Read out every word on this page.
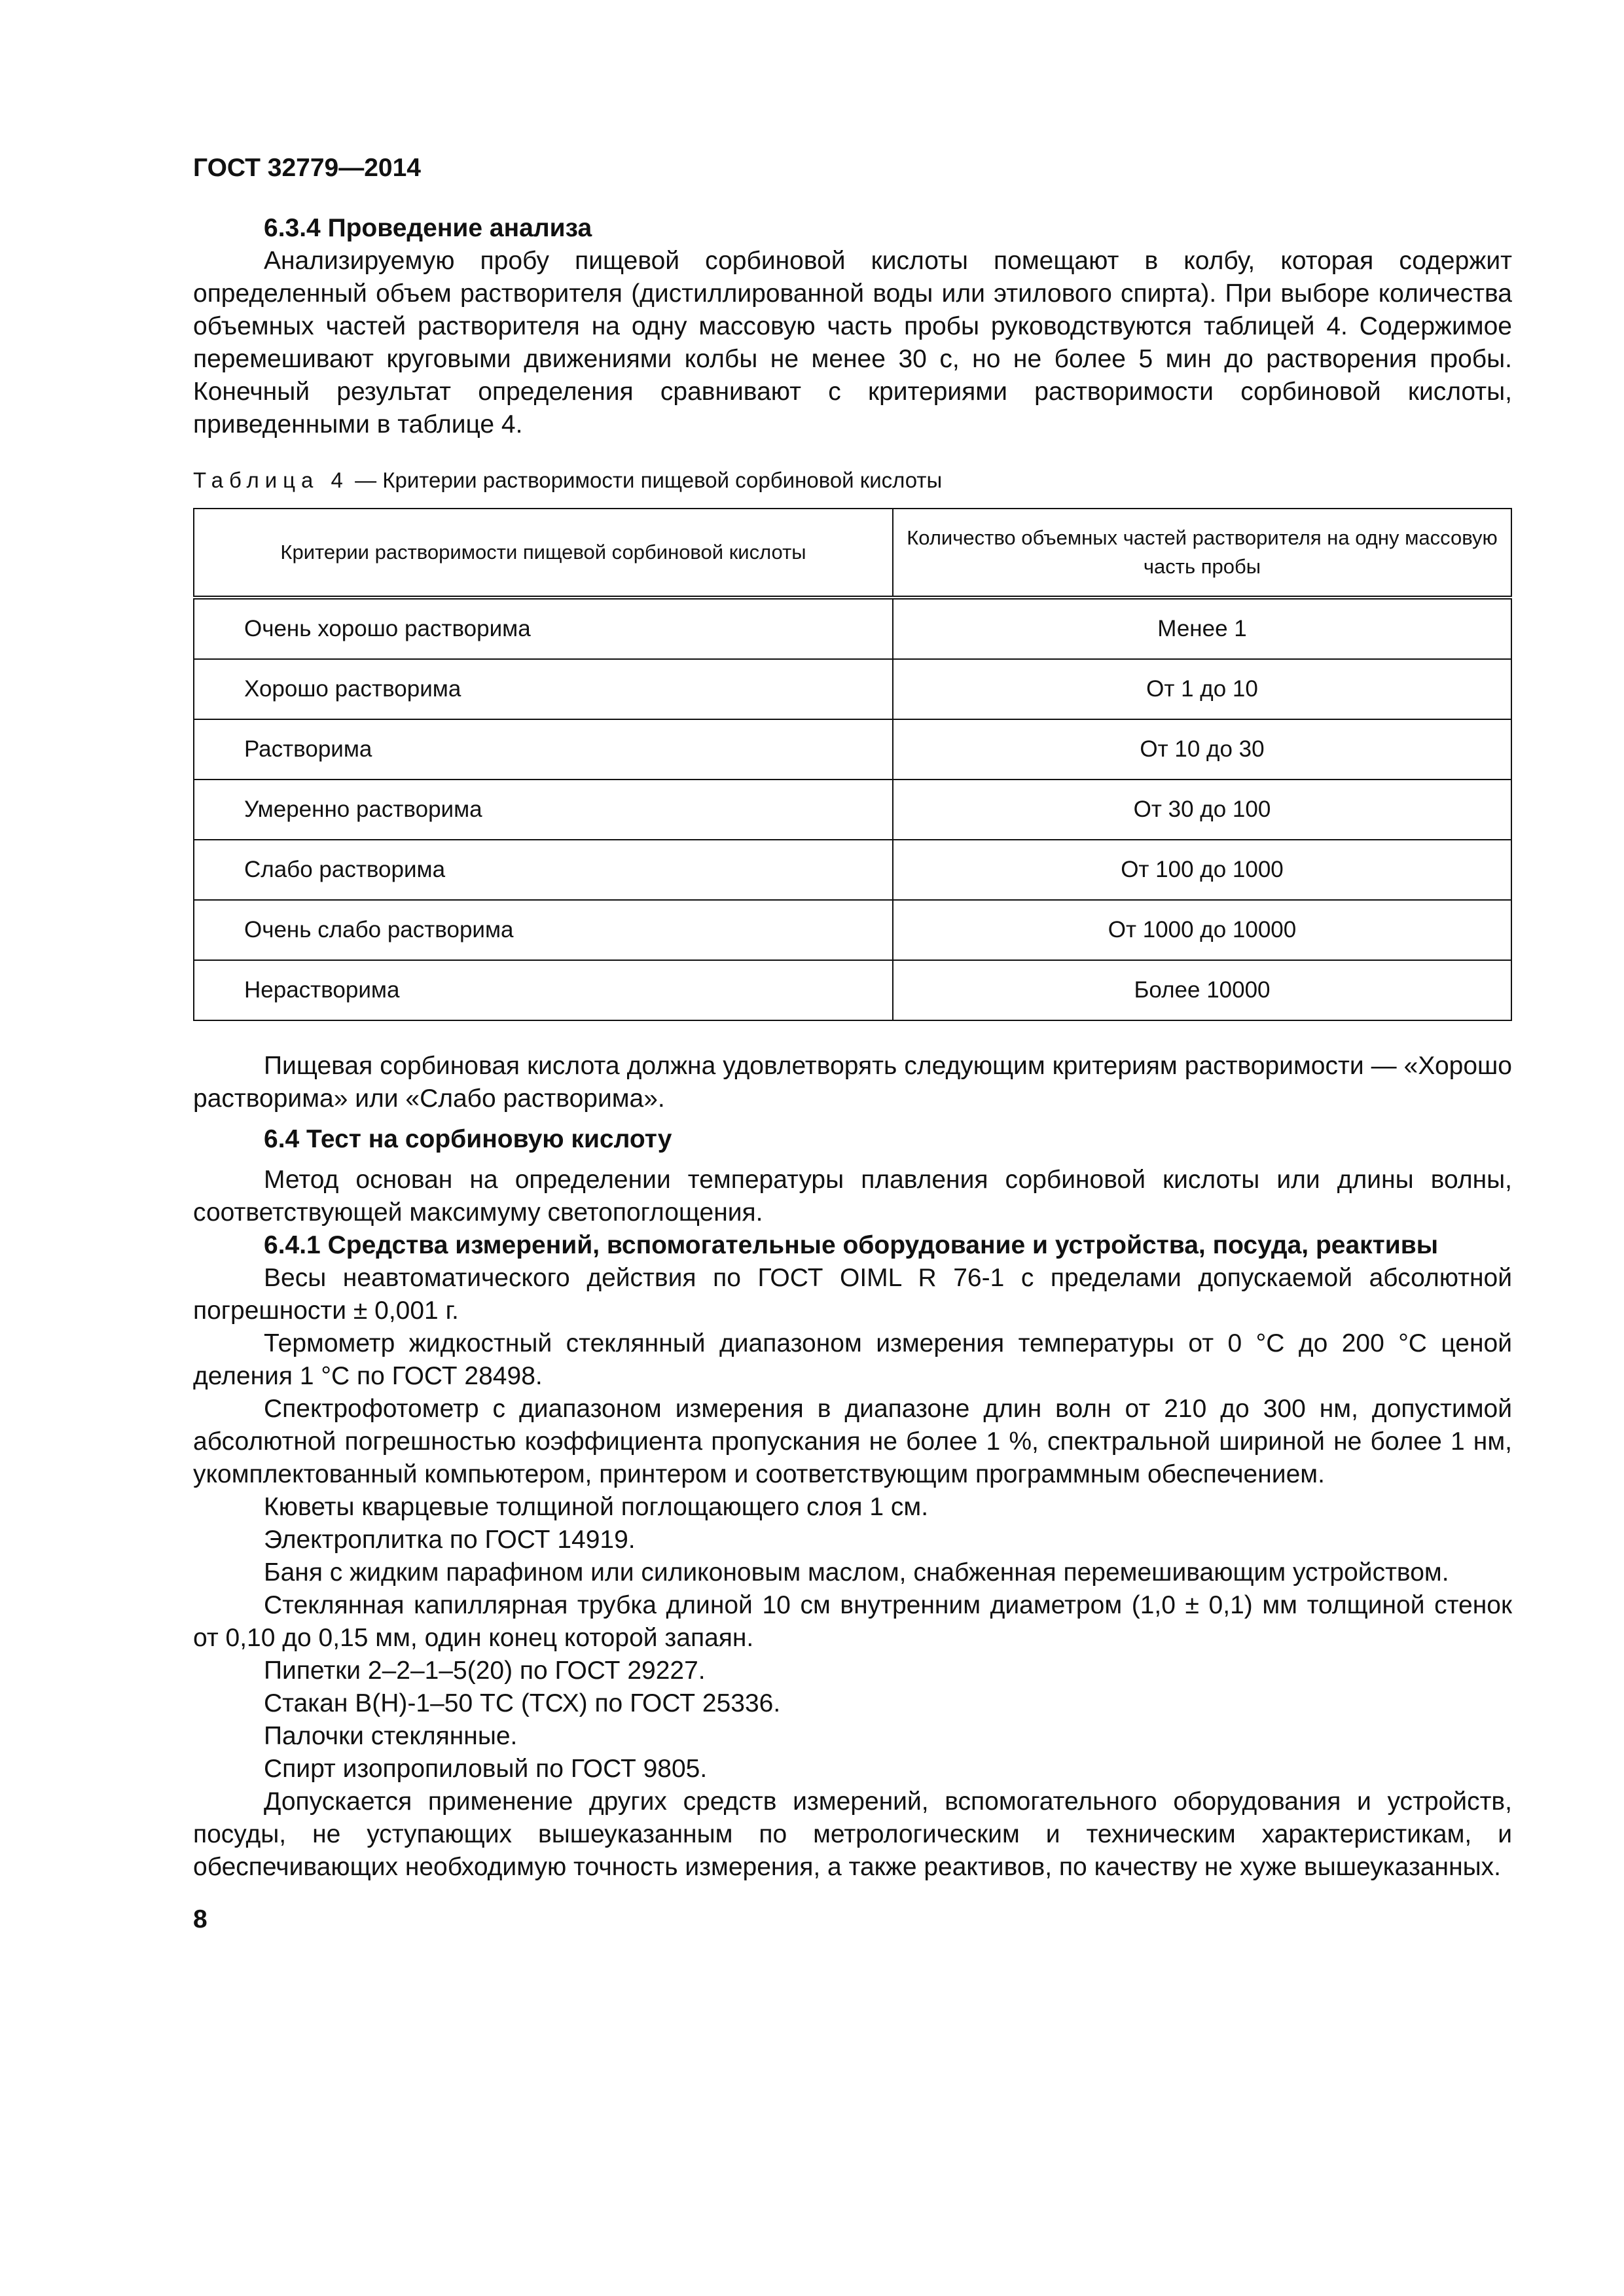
ГОСТ 32779—2014

6.3.4 Проведение анализа

Анализируемую пробу пищевой сорбиновой кислоты помещают в колбу, которая содержит определенный объем растворителя (дистиллированной воды или этилового спирта). При выборе количества объемных частей растворителя на одну массовую часть пробы руководствуются таблицей 4. Содержимое перемешивают круговыми движениями колбы не менее 30 с, но не более 5 мин до растворения пробы. Конечный результат определения сравнивают с критериями растворимости сорбиновой кислоты, приведенными в таблице 4.

Таблица 4 — Критерии растворимости пищевой сорбиновой кислоты
Критерии растворимости пищевой сорбиновой кислоты	Количество объемных частей растворителя на одну массовую часть пробы
Очень хорошо растворима	Менее 1
Хорошо растворима	От 1 до 10
Растворима	От 10 до 30
Умеренно растворима	От 30 до 100
Слабо растворима	От 100 до 1000
Очень слабо растворима	От 1000 до 10000
Нерастворима	Более 10000

Пищевая сорбиновая кислота должна удовлетворять следующим критериям растворимости — «Хорошо растворима» или «Слабо растворима».

6.4 Тест на сорбиновую кислоту

Метод основан на определении температуры плавления сорбиновой кислоты или длины волны, соответствующей максимуму светопоглощения.

6.4.1 Средства измерений, вспомогательные оборудование и устройства, посуда, реактивы

Весы неавтоматического действия по ГОСТ OIML R 76-1 с пределами допускаемой абсолютной погрешности ± 0,001 г.

Термометр жидкостный стеклянный диапазоном измерения температуры от 0 °С до 200 °С ценой деления 1 °С по ГОСТ 28498.

Спектрофотометр с диапазоном измерения в диапазоне длин волн от 210 до 300 нм, допустимой абсолютной погрешностью коэффициента пропускания не более 1 %, спектральной шириной не более 1 нм, укомплектованный компьютером, принтером и соответствующим программным обеспечением.

Кюветы кварцевые толщиной поглощающего слоя 1 см.

Электроплитка по ГОСТ 14919.

Баня с жидким парафином или силиконовым маслом, снабженная перемешивающим устройством.

Стеклянная капиллярная трубка длиной 10 см внутренним диаметром (1,0 ± 0,1) мм толщиной стенок от 0,10 до 0,15 мм, один конец которой запаян.

Пипетки 2–2–1–5(20) по ГОСТ 29227.

Стакан В(Н)-1–50 ТС (ТСХ) по ГОСТ 25336.

Палочки стеклянные.

Спирт изопропиловый по ГОСТ 9805.

Допускается применение других средств измерений, вспомогательного оборудования и устройств, посуды, не уступающих вышеуказанным по метрологическим и техническим характеристикам, и обеспечивающих необходимую точность измерения, а также реактивов, по качеству не хуже вышеуказанных.

8
